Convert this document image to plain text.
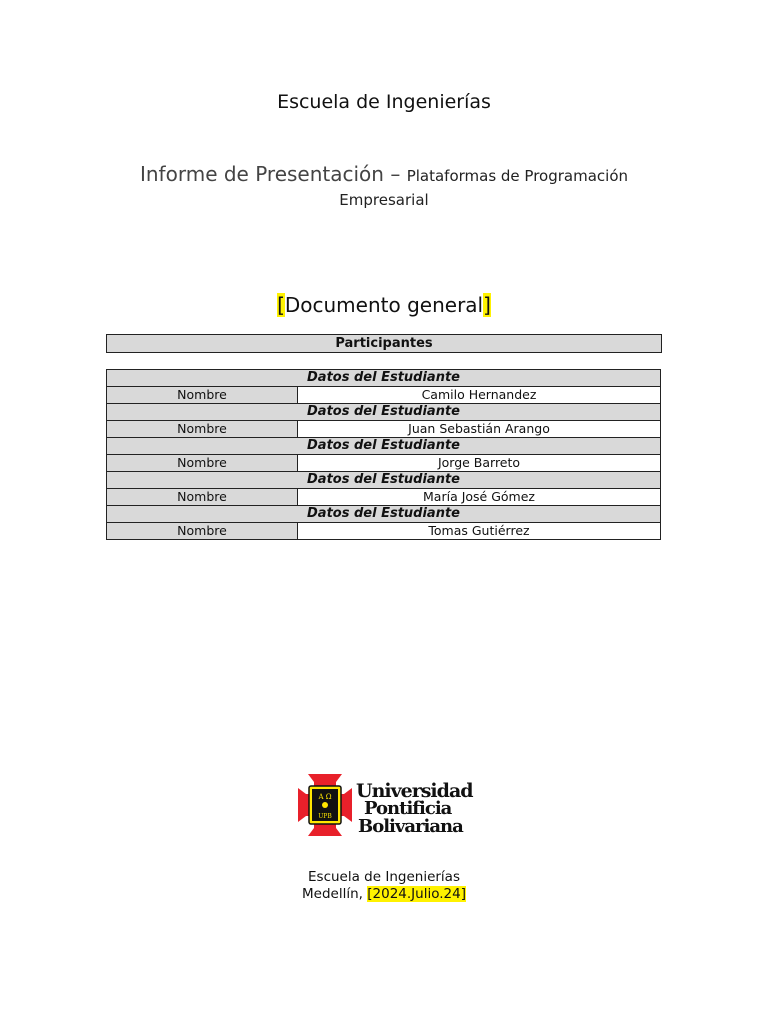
Escuela de Ingenierías
Informe de Presentación – Plataformas de Programación
Empresarial
[Documento general]
Participantes
Datos del Estudiante	
Nombre	Camilo Hernandez
Datos del Estudiante	
Nombre	Juan Sebastián Arango
Datos del Estudiante	
Nombre	Jorge Barreto
Datos del Estudiante	
Nombre	María José Gómez
Datos del Estudiante	
Nombre	Tomas Gutiérrez
A Ω
UPB
Universidad
Pontificia
Bolivariana
Escuela de Ingenierías
Medellín, [2024.Julio.24]
